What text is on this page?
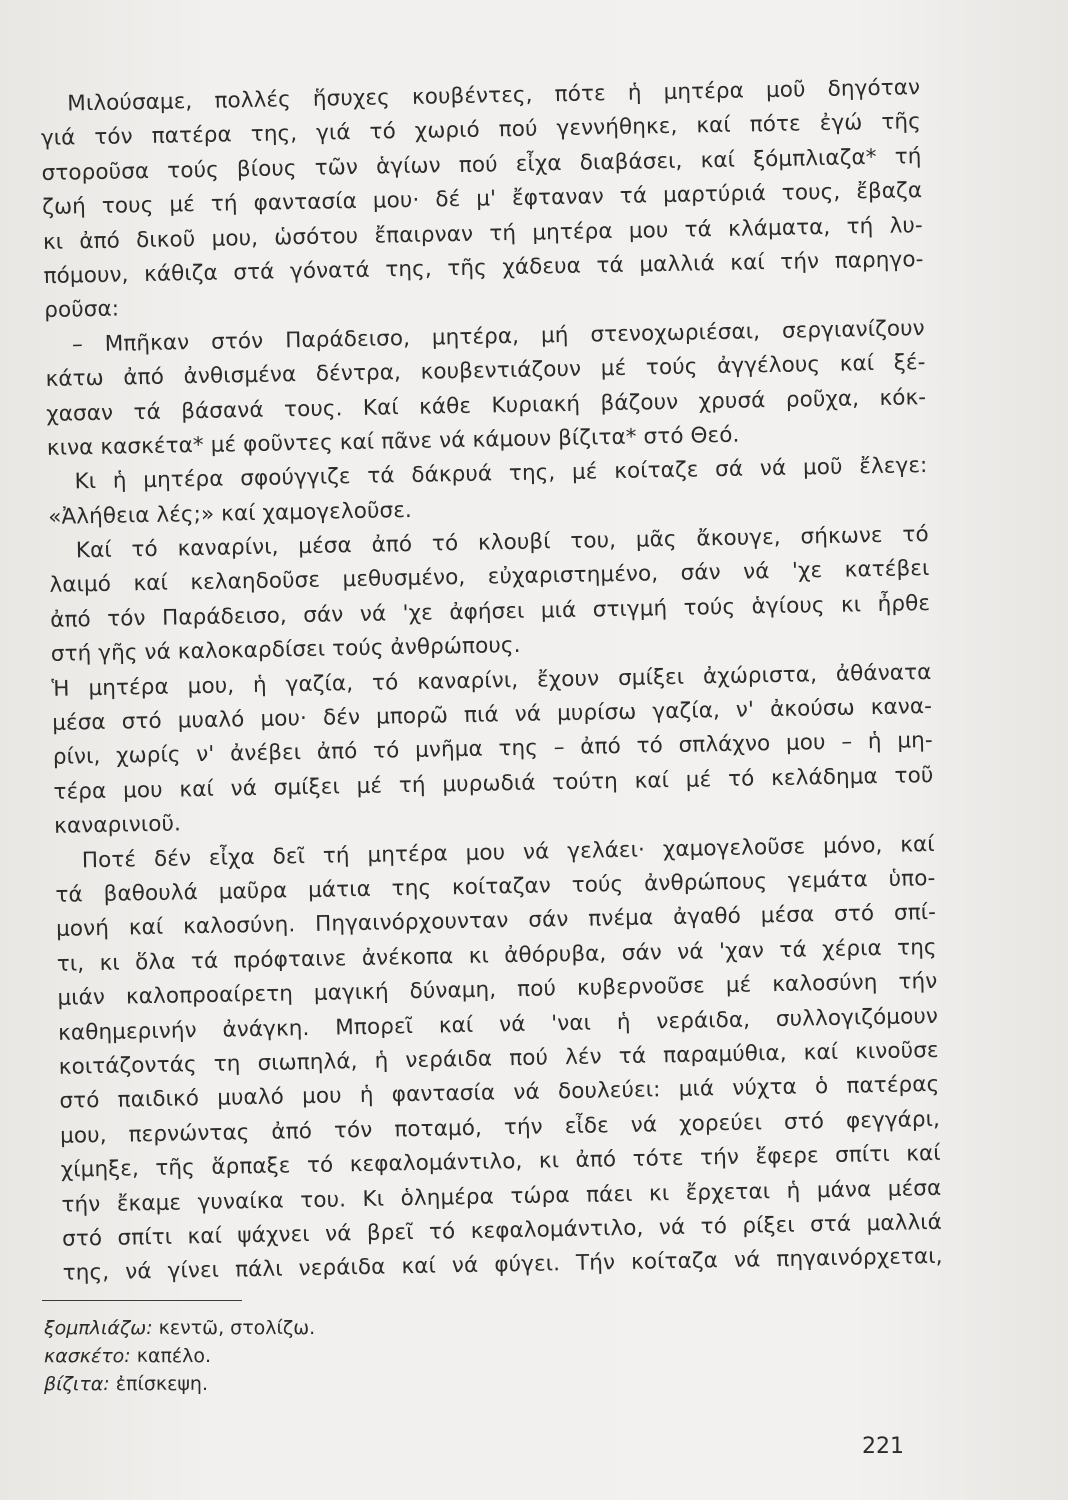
Μιλούσαμε, πολλές ἥσυχες κουβέντες, πότε ἡ μητέρα μοῦ δηγόταν
γιά τόν πατέρα της, γιά τό χωριό πού γεννήθηκε, καί πότε ἐγώ τῆς
στοροῦσα τούς βίους τῶν ἁγίων πού εἶχα διαβάσει, καί ξόμπλιαζα* τή
ζωή τους μέ τή φαντασία μου· δέ μ' ἔφταναν τά μαρτύριά τους, ἔβαζα
κι ἀπό δικοῦ μου, ὡσότου ἔπαιρναν τή μητέρα μου τά κλάματα, τή λυ-
πόμουν, κάθιζα στά γόνατά της, τῆς χάδευα τά μαλλιά καί τήν παρηγο-
ροῦσα:
– Μπῆκαν στόν Παράδεισο, μητέρα, μή στενοχωριέσαι, σεργιανίζουν
κάτω ἀπό ἀνθισμένα δέντρα, κουβεντιάζουν μέ τούς ἀγγέλους καί ξέ-
χασαν τά βάσανά τους. Καί κάθε Κυριακή βάζουν χρυσά ροῦχα, κόκ-
κινα κασκέτα* μέ φοῦντες καί πᾶνε νά κάμουν βίζιτα* στό Θεό.
Κι ἡ μητέρα σφούγγιζε τά δάκρυά της, μέ κοίταζε σά νά μοῦ ἔλεγε:
«Ἀλήθεια λές;» καί χαμογελοῦσε.
Καί τό καναρίνι, μέσα ἀπό τό κλουβί του, μᾶς ἄκουγε, σήκωνε τό
λαιμό καί κελαηδοῦσε μεθυσμένο, εὐχαριστημένο, σάν νά 'χε κατέβει
ἀπό τόν Παράδεισο, σάν νά 'χε ἀφήσει μιά στιγμή τούς ἁγίους κι ἦρθε
στή γῆς νά καλοκαρδίσει τούς ἀνθρώπους.
Ἡ μητέρα μου, ἡ γαζία, τό καναρίνι, ἔχουν σμίξει ἀχώριστα, ἀθάνατα
μέσα στό μυαλό μου· δέν μπορῶ πιά νά μυρίσω γαζία, ν' ἀκούσω κανα-
ρίνι, χωρίς ν' ἀνέβει ἀπό τό μνῆμα της – ἀπό τό σπλάχνο μου – ἡ μη-
τέρα μου καί νά σμίξει μέ τή μυρωδιά τούτη καί μέ τό κελάδημα τοῦ
καναρινιοῦ.
Ποτέ δέν εἶχα δεῖ τή μητέρα μου νά γελάει· χαμογελοῦσε μόνο, καί
τά βαθουλά μαῦρα μάτια της κοίταζαν τούς ἀνθρώπους γεμάτα ὑπο-
μονή καί καλοσύνη. Πηγαινόρχουνταν σάν πνέμα ἀγαθό μέσα στό σπί-
τι, κι ὅλα τά πρόφταινε ἀνέκοπα κι ἀθόρυβα, σάν νά 'χαν τά χέρια της
μιάν καλοπροαίρετη μαγική δύναμη, πού κυβερνοῦσε μέ καλοσύνη τήν
καθημερινήν ἀνάγκη. Μπορεῖ καί νά 'ναι ἡ νεράιδα, συλλογιζόμουν
κοιτάζοντάς τη σιωπηλά, ἡ νεράιδα πού λέν τά παραμύθια, καί κινοῦσε
στό παιδικό μυαλό μου ἡ φαντασία νά δουλεύει: μιά νύχτα ὁ πατέρας
μου, περνώντας ἀπό τόν ποταμό, τήν εἶδε νά χορεύει στό φεγγάρι,
χίμηξε, τῆς ἅρπαξε τό κεφαλομάντιλο, κι ἀπό τότε τήν ἔφερε σπίτι καί
τήν ἔκαμε γυναίκα του. Κι ὁλημέρα τώρα πάει κι ἔρχεται ἡ μάνα μέσα
στό σπίτι καί ψάχνει νά βρεῖ τό κεφαλομάντιλο, νά τό ρίξει στά μαλλιά
της, νά γίνει πάλι νεράιδα καί νά φύγει. Τήν κοίταζα νά πηγαινόρχεται,
ξομπλιάζω: κεντῶ, στολίζω.
κασκέτο: καπέλο.
βίζιτα: ἐπίσκεψη.
221
